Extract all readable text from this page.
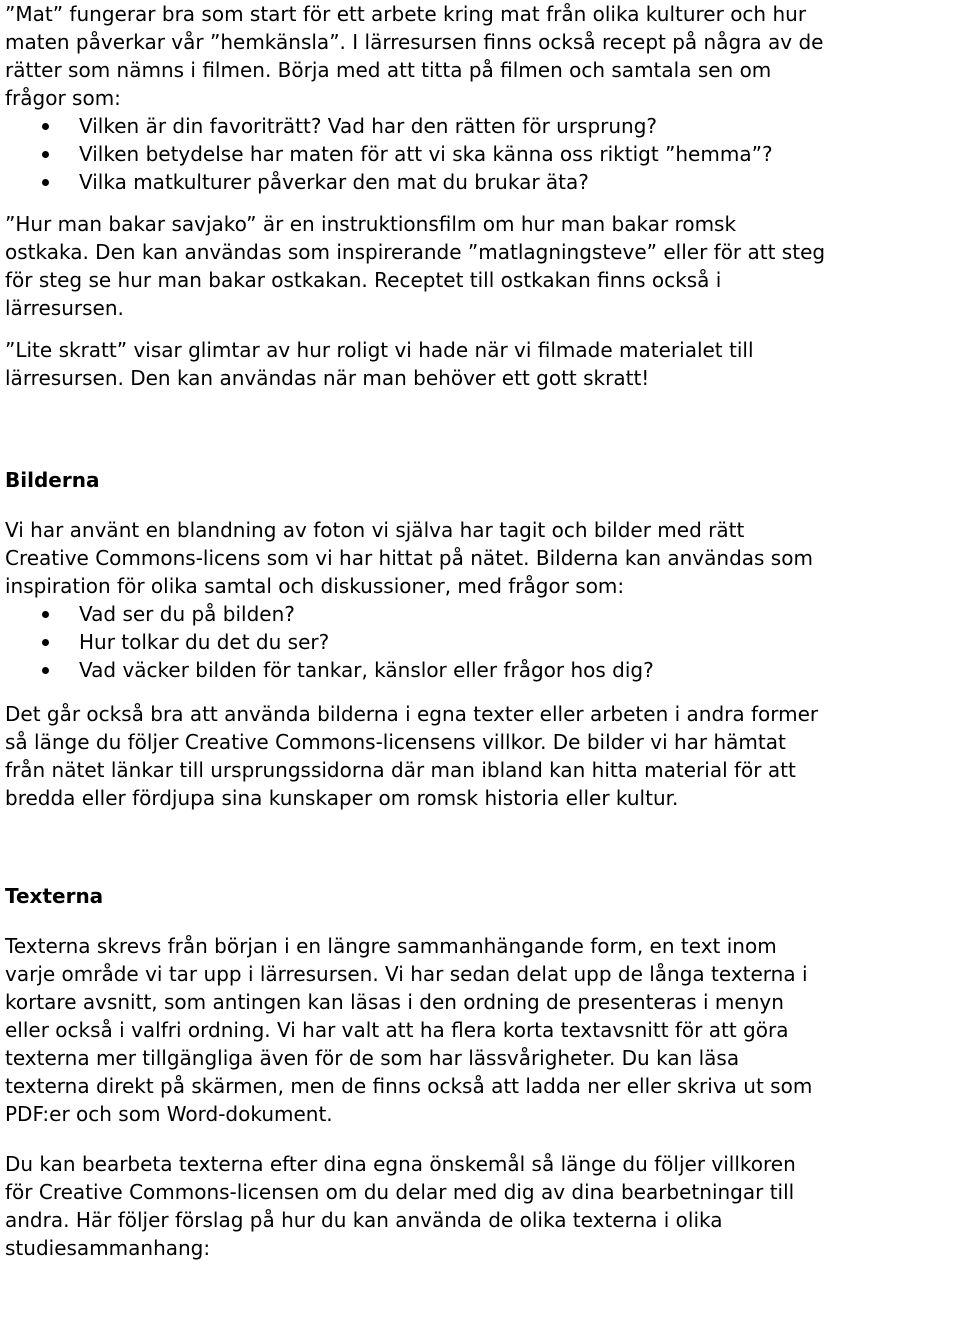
”Mat” fungerar bra som start för ett arbete kring mat från olika kulturer och hur
maten påverkar vår ”hemkänsla”. I lärresursen finns också recept på några av de
rätter som nämns i filmen. Börja med att titta på filmen och samtala sen om
frågor som:

Vilken är din favoriträtt? Vad har den rätten för ursprung?
Vilken betydelse har maten för att vi ska känna oss riktigt ”hemma”?
Vilka matkulturer påverkar den mat du brukar äta?

”Hur man bakar savjako” är en instruktionsfilm om hur man bakar romsk
ostkaka. Den kan användas som inspirerande ”matlagningsteve” eller för att steg
för steg se hur man bakar ostkakan. Receptet till ostkakan finns också i
lärresursen.

”Lite skratt” visar glimtar av hur roligt vi hade när vi filmade materialet till
lärresursen. Den kan användas när man behöver ett gott skratt!

Bilderna

Vi har använt en blandning av foton vi själva har tagit och bilder med rätt
Creative Commons-licens som vi har hittat på nätet. Bilderna kan användas som
inspiration för olika samtal och diskussioner, med frågor som:

Vad ser du på bilden?
Hur tolkar du det du ser?
Vad väcker bilden för tankar, känslor eller frågor hos dig?

Det går också bra att använda bilderna i egna texter eller arbeten i andra former
så länge du följer Creative Commons-licensens villkor. De bilder vi har hämtat
från nätet länkar till ursprungssidorna där man ibland kan hitta material för att
bredda eller fördjupa sina kunskaper om romsk historia eller kultur.

Texterna

Texterna skrevs från början i en längre sammanhängande form, en text inom
varje område vi tar upp i lärresursen. Vi har sedan delat upp de långa texterna i
kortare avsnitt, som antingen kan läsas i den ordning de presenteras i menyn
eller också i valfri ordning. Vi har valt att ha flera korta textavsnitt för att göra
texterna mer tillgängliga även för de som har lässvårigheter. Du kan läsa
texterna direkt på skärmen, men de finns också att ladda ner eller skriva ut som
PDF:er och som Word-dokument.

Du kan bearbeta texterna efter dina egna önskemål så länge du följer villkoren
för Creative Commons-licensen om du delar med dig av dina bearbetningar till
andra. Här följer förslag på hur du kan använda de olika texterna i olika
studiesammanhang:
